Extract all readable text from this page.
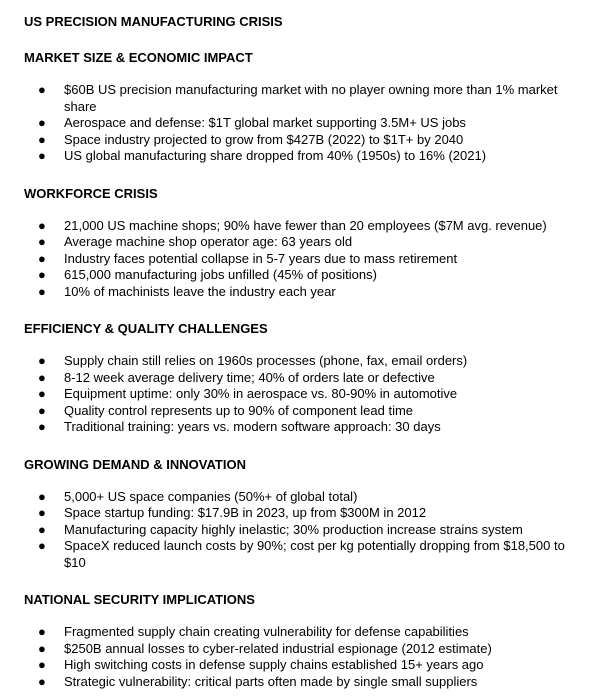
US PRECISION MANUFACTURING CRISIS
MARKET SIZE & ECONOMIC IMPACT
● $60B US precision manufacturing market with no player owning more than 1% market share
● Aerospace and defense: $1T global market supporting 3.5M+ US jobs
● Space industry projected to grow from $427B (2022) to $1T+ by 2040
● US global manufacturing share dropped from 40% (1950s) to 16% (2021)
WORKFORCE CRISIS
● 21,000 US machine shops; 90% have fewer than 20 employees ($7M avg. revenue)
● Average machine shop operator age: 63 years old
● Industry faces potential collapse in 5-7 years due to mass retirement
● 615,000 manufacturing jobs unfilled (45% of positions)
● 10% of machinists leave the industry each year
EFFICIENCY & QUALITY CHALLENGES
● Supply chain still relies on 1960s processes (phone, fax, email orders)
● 8-12 week average delivery time; 40% of orders late or defective
● Equipment uptime: only 30% in aerospace vs. 80-90% in automotive
● Quality control represents up to 90% of component lead time
● Traditional training: years vs. modern software approach: 30 days
GROWING DEMAND & INNOVATION
● 5,000+ US space companies (50%+ of global total)
● Space startup funding: $17.9B in 2023, up from $300M in 2012
● Manufacturing capacity highly inelastic; 30% production increase strains system
● SpaceX reduced launch costs by 90%; cost per kg potentially dropping from $18,500 to $10
NATIONAL SECURITY IMPLICATIONS
● Fragmented supply chain creating vulnerability for defense capabilities
● $250B annual losses to cyber-related industrial espionage (2012 estimate)
● High switching costs in defense supply chains established 15+ years ago
● Strategic vulnerability: critical parts often made by single small suppliers
